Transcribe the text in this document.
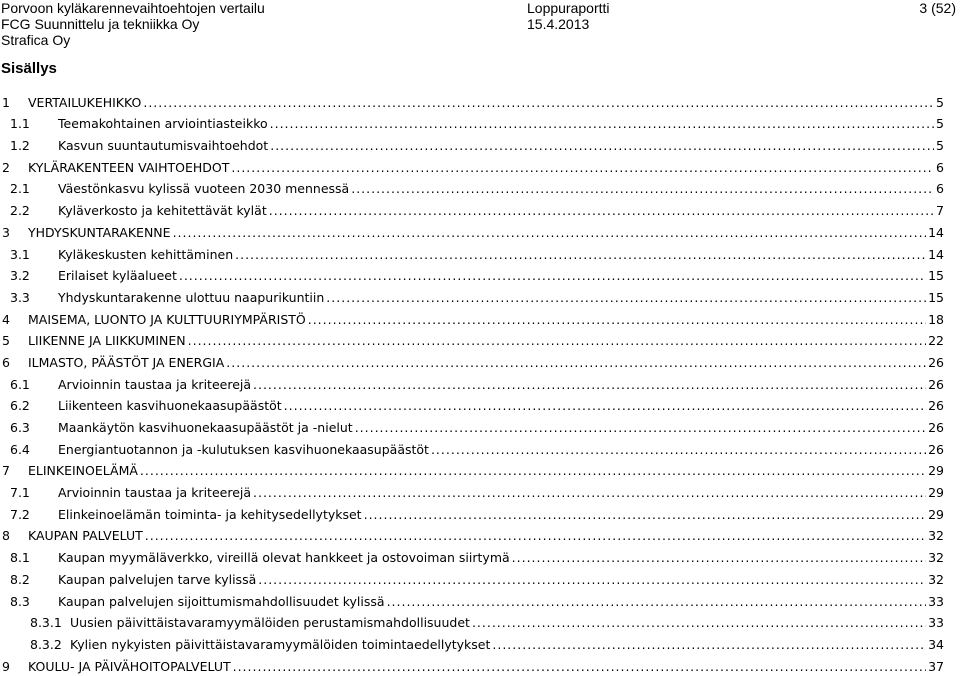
Porvoon kyläkarennevaihtoehtojen vertailu
FCG Suunnittelu ja tekniikka Oy
Strafica Oy
Loppuraportti
15.4.2013
3 (52)
Sisällys
1	VERTAILUKEHIKKO .....	5
1.1	Teemakohtainen arviointiasteikko .....	5
1.2	Kasvun suuntautumisvaihtoehdot .....	5
2	KYLÄRAKENTEEN VAIHTOEHDOT .....	6
2.1	Väestönkasvu kylissä vuoteen 2030 mennessä .....	6
2.2	Kyläverkosto ja kehitettävät kylät .....	7
3	YHDYSKUNTARAKENNE .....	14
3.1	Kyläkeskusten kehittäminen .....	14
3.2	Erilaiset kyläalueet .....	15
3.3	Yhdyskuntarakenne ulottuu naapurikuntiin .....	15
4	MAISEMA, LUONTO JA KULTTUURIYMPÄRISTÖ .....	18
5	LIIKENNE JA LIIKKUMINEN .....	22
6	ILMASTO, PÄÄSTÖT JA ENERGIA .....	26
6.1	Arvioinnin taustaa ja kriteerejä .....	26
6.2	Liikenteen kasvihuonekaasupäästöt .....	26
6.3	Maankäytön kasvihuonekaasupäästöt ja -nielut .....	26
6.4	Energiantuotannon ja -kulutuksen kasvihuonekaasupäästöt .....	26
7	ELINKEINOELÄMÄ .....	29
7.1	Arvioinnin taustaa ja kriteerejä .....	29
7.2	Elinkeinoelämän toiminta- ja kehitysedellytykset .....	29
8	KAUPAN PALVELUT .....	32
8.1	Kaupan myymäläverkko, vireillä olevat hankkeet ja ostovoiman siirtymä .....	32
8.2	Kaupan palvelujen tarve kylissä .....	32
8.3	Kaupan palvelujen sijoittumismahdollisuudet kylissä .....	33
8.3.1 Uusien päivittäistavaramyymälöiden perustamismahdollisuudet .....	33
8.3.2 Kylien nykyisten päivittäistavaramyymälöiden toimintaedellytykset .....	34
9	KOULU- JA PÄIVÄHOITOPALVELUT .....	37
